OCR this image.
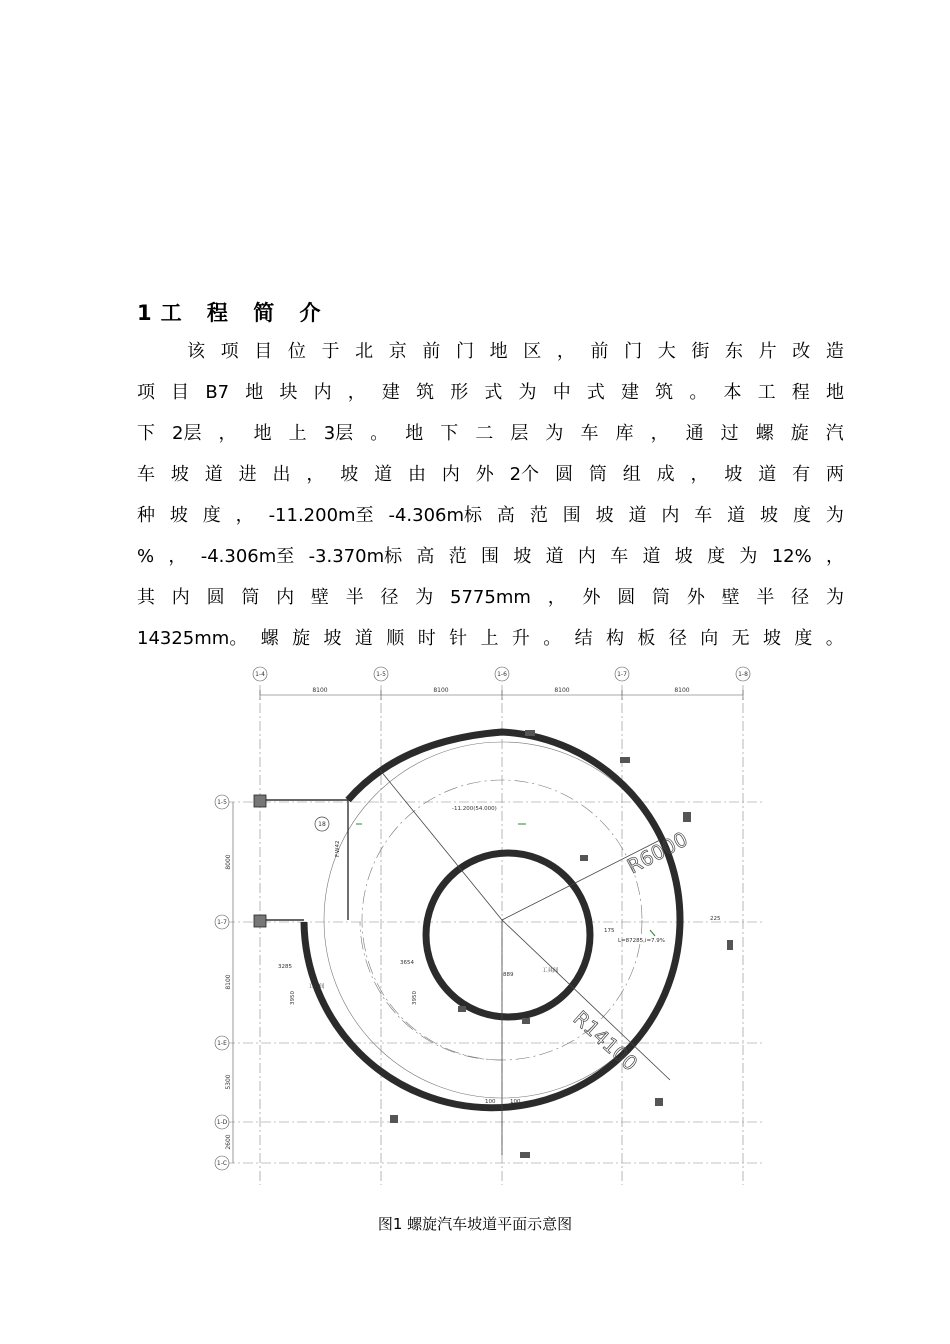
1工 程 简 介
该 项 目 位 于 北 京 前 门 地 区 ， 前 门 大 街 东 片 改 造
项 目 B7 地 块 内 ， 建 筑 形 式 为 中 式 建 筑 。 本 工 程 地
下 2层 ， 地 上 3层 。 地 下 二 层 为 车 库 ， 通 过 螺 旋 汽
车 坡 道 进 出 ， 坡 道 由 内 外 2个 圆 筒 组 成 ， 坡 道 有 两
种 坡 度 ， -11.200m至 -4.306m标 高 范 围 坡 道 内 车 道 坡 度 为
% ， -4.306m至 -3.370m标 高 范 围 坡 道 内 车 道 坡 度 为 12% ，
其 内 圆 筒 内 壁 半 径 为 5775mm ， 外 圆 筒 外 壁 半 径 为
14325mm。 螺 旋 坡 道 顺 时 针 上 升 。 结 构 板 径 向 无 坡 度 。
1-4	1-5	1-6	1-7	1-8
1-5
1-7
1-E
1-D
1-C
8100	8100	8100	8100
8000
8100
5300
2600
R6000
R14100
-11.200(54.000)
工具间
工具间
3285
3654
3950	3950
889
100	100
L=87285,i=7.9%
225
175
F.W42
18
图1 螺旋汽车坡道平面示意图
